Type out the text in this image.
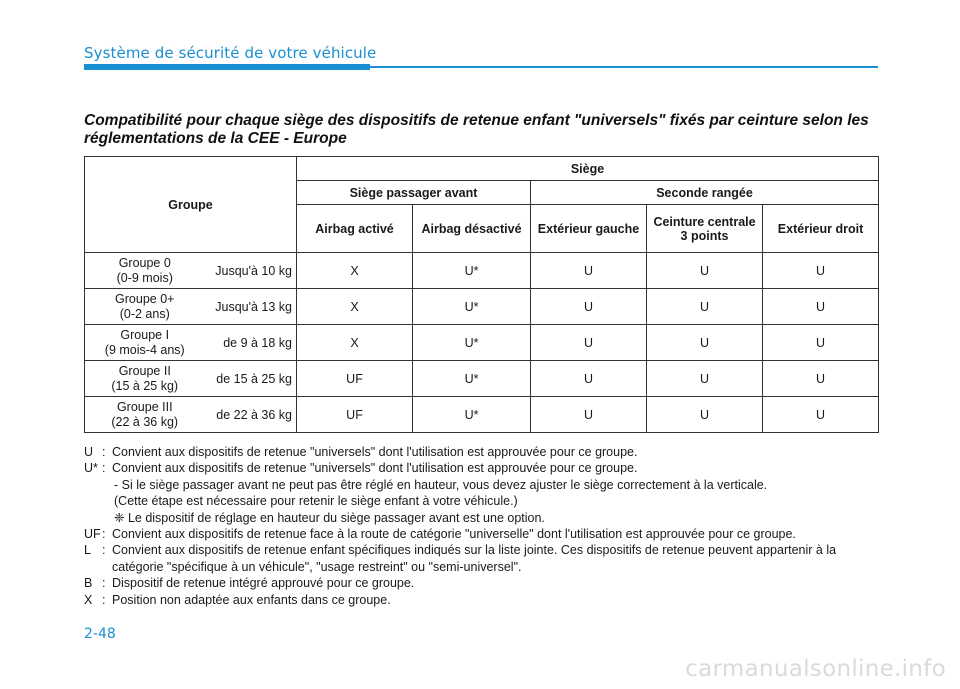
Système de sécurité de votre véhicule
Compatibilité pour chaque siège des dispositifs de retenue enfant "universels" fixés par ceinture selon les réglementations de la CEE - Europe
Groupe		Siège				
		Siège passager avant		Seconde rangée		
		Airbag activé	Airbag désactivé	Extérieur gauche	Ceinture centrale 3 points	Extérieur droit
Groupe 0
(0-9 mois)	Jusqu'à 10 kg	X	U*	U	U	U
Groupe 0+
(0-2 ans)	Jusqu'à 13 kg	X	U*	U	U	U
Groupe I
(9 mois-4 ans)	de 9 à 18 kg	X	U*	U	U	U
Groupe II
(15 à 25 kg)	de 15 à 25 kg	UF	U*	U	U	U
Groupe III
(22 à 36 kg)	de 22 à 36 kg	UF	U*	U	U	U
U : Convient aux dispositifs de retenue "universels" dont l'utilisation est approuvée pour ce groupe.
U* : Convient aux dispositifs de retenue "universels" dont l'utilisation est approuvée pour ce groupe.
- Si le siège passager avant ne peut pas être réglé en hauteur, vous devez ajuster le siège correctement à la verticale.
(Cette étape est nécessaire pour retenir le siège enfant à votre véhicule.)
❈ Le dispositif de réglage en hauteur du siège passager avant est une option.
UF : Convient aux dispositifs de retenue face à la route de catégorie "universelle" dont l'utilisation est approuvée pour ce groupe.
L : Convient aux dispositifs de retenue enfant spécifiques indiqués sur la liste jointe. Ces dispositifs de retenue peuvent appartenir à la catégorie "spécifique à un véhicule", "usage restreint" ou "semi-universel".
B : Dispositif de retenue intégré approuvé pour ce groupe.
X : Position non adaptée aux enfants dans ce groupe.
2-48
carmanualsonline.info
